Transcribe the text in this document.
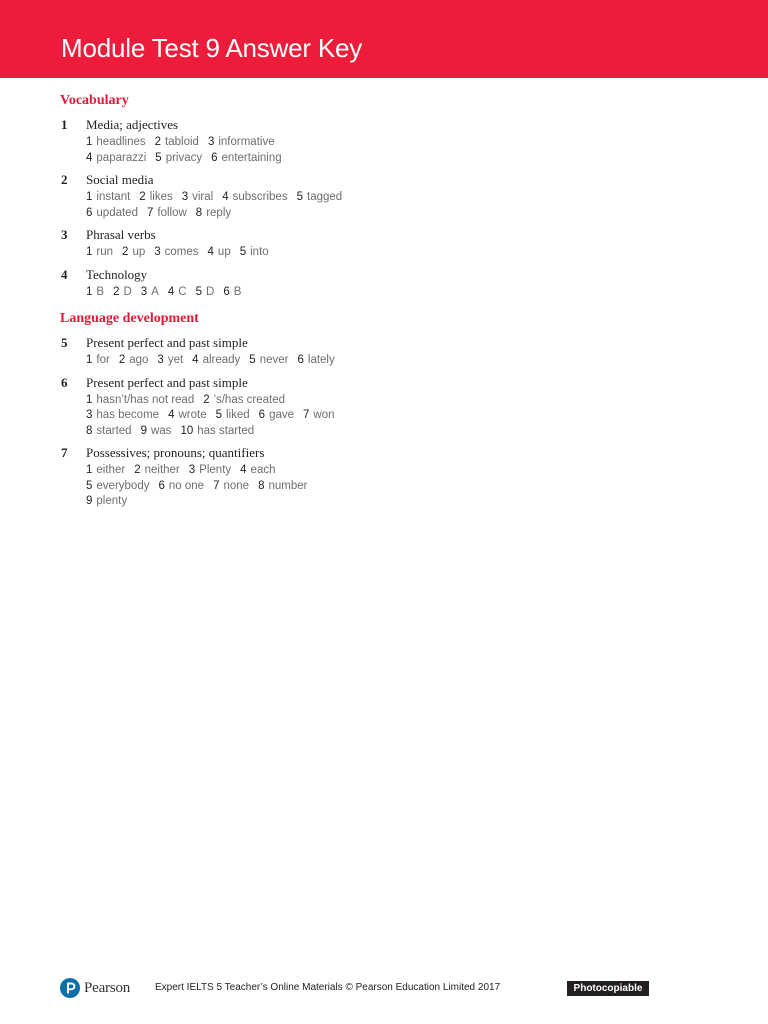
Module Test 9 Answer Key
Vocabulary
1 Media; adjectives
1 headlines 2 tabloid 3 informative
4 paparazzi 5 privacy 6 entertaining
2 Social media
1 instant 2 likes 3 viral 4 subscribes 5 tagged
6 updated 7 follow 8 reply
3 Phrasal verbs
1 run 2 up 3 comes 4 up 5 into
4 Technology
1 B 2 D 3 A 4 C 5 D 6 B
Language development
5 Present perfect and past simple
1 for 2 ago 3 yet 4 already 5 never 6 lately
6 Present perfect and past simple
1 hasn’t/has not read 2 ’s/has created
3 has become 4 wrote 5 liked 6 gave 7 won
8 started 9 was 10 has started
7 Possessives; pronouns; quantifiers
1 either 2 neither 3 Plenty 4 each
5 everybody 6 no one 7 none 8 number
9 plenty
Pearson Expert IELTS 5 Teacher’s Online Materials © Pearson Education Limited 2017	Photocopiable
